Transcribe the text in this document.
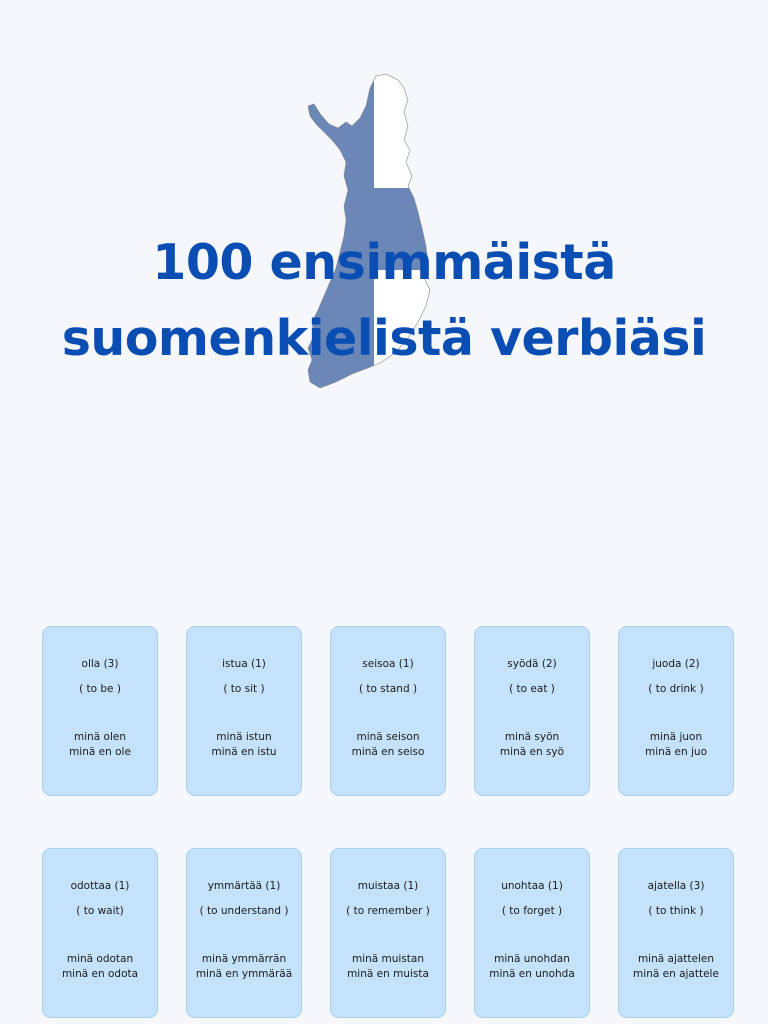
100 ensimmäistä
suomenkielistä verbiäsi
olla (3)
( to be )
minä olen
minä en ole
istua (1)
( to sit )
minä istun
minä en istu
seisoa (1)
( to stand )
minä seison
minä en seiso
syödä (2)
( to eat )
minä syön
minä en syö
juoda (2)
( to drink )
minä juon
minä en juo
odottaa (1)
( to wait)
minä odotan
minä en odota
ymmärtää (1)
( to understand )
minä ymmärrän
minä en ymmärää
muistaa (1)
( to remember )
minä muistan
minä en muista
unohtaa (1)
( to forget )
minä unohdan
minä en unohda
ajatella (3)
( to think )
minä ajattelen
minä en ajattele
